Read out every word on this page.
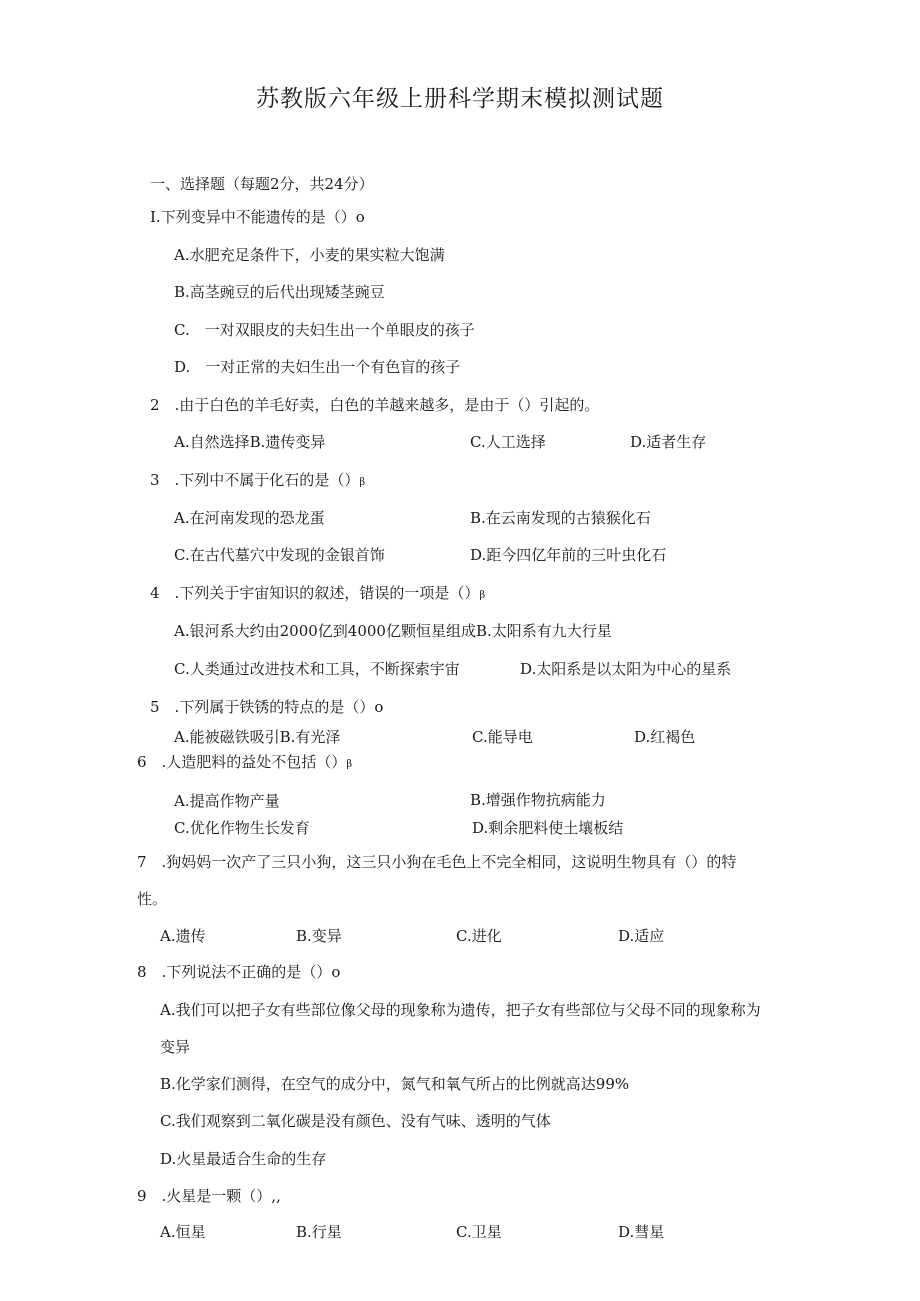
苏教版六年级上册科学期末模拟测试题
一、选择题（每题2分，共24分）
I.下列变异中不能遗传的是（）o
A.水肥充足条件下，小麦的果实粒大饱满
B.高茎豌豆的后代出现矮茎豌豆
C.　一对双眼皮的夫妇生出一个单眼皮的孩子
D.　一对正常的夫妇生出一个有色盲的孩子
2　.由于白色的羊毛好卖，白色的羊越来越多，是由于（）引起的。
A.自然选择B.遗传变异	C.人工选择	D.适者生存
3　.下列中不属于化石的是（）β
A.在河南发现的恐龙蛋	B.在云南发现的古猿猴化石
C.在古代墓穴中发现的金银首饰	D.距今四亿年前的三叶虫化石
4　.下列关于宇宙知识的叙述，错误的一项是（）β
A.银河系大约由2000亿到4000亿颗恒星组成B.太阳系有九大行星
C.人类通过改进技术和工具，不断探索宇宙	D.太阳系是以太阳为中心的星系
5　.下列属于铁锈的特点的是（）o
A.能被磁铁吸引B.有光泽	C.能导电	D.红褐色
6　.人造肥料的益处不包括（）β
A.提高作物产量	B.增强作物抗病能力
C.优化作物生长发育	D.剩余肥料使土壤板结
7　.狗妈妈一次产了三只小狗，这三只小狗在毛色上不完全相同，这说明生物具有（）的特
性。
A.遗传	B.变异	C.进化	D.适应
8　.下列说法不正确的是（）o
A.我们可以把子女有些部位像父母的现象称为遗传，把子女有些部位与父母不同的现象称为
变异
B.化学家们测得，在空气的成分中，氮气和氧气所占的比例就高达99%
C.我们观察到二氧化碳是没有颜色、没有气味、透明的气体
D.火星最适合生命的生存
9　.火星是一颗（）,,
A.恒星	B.行星	C.卫星	D.彗星
